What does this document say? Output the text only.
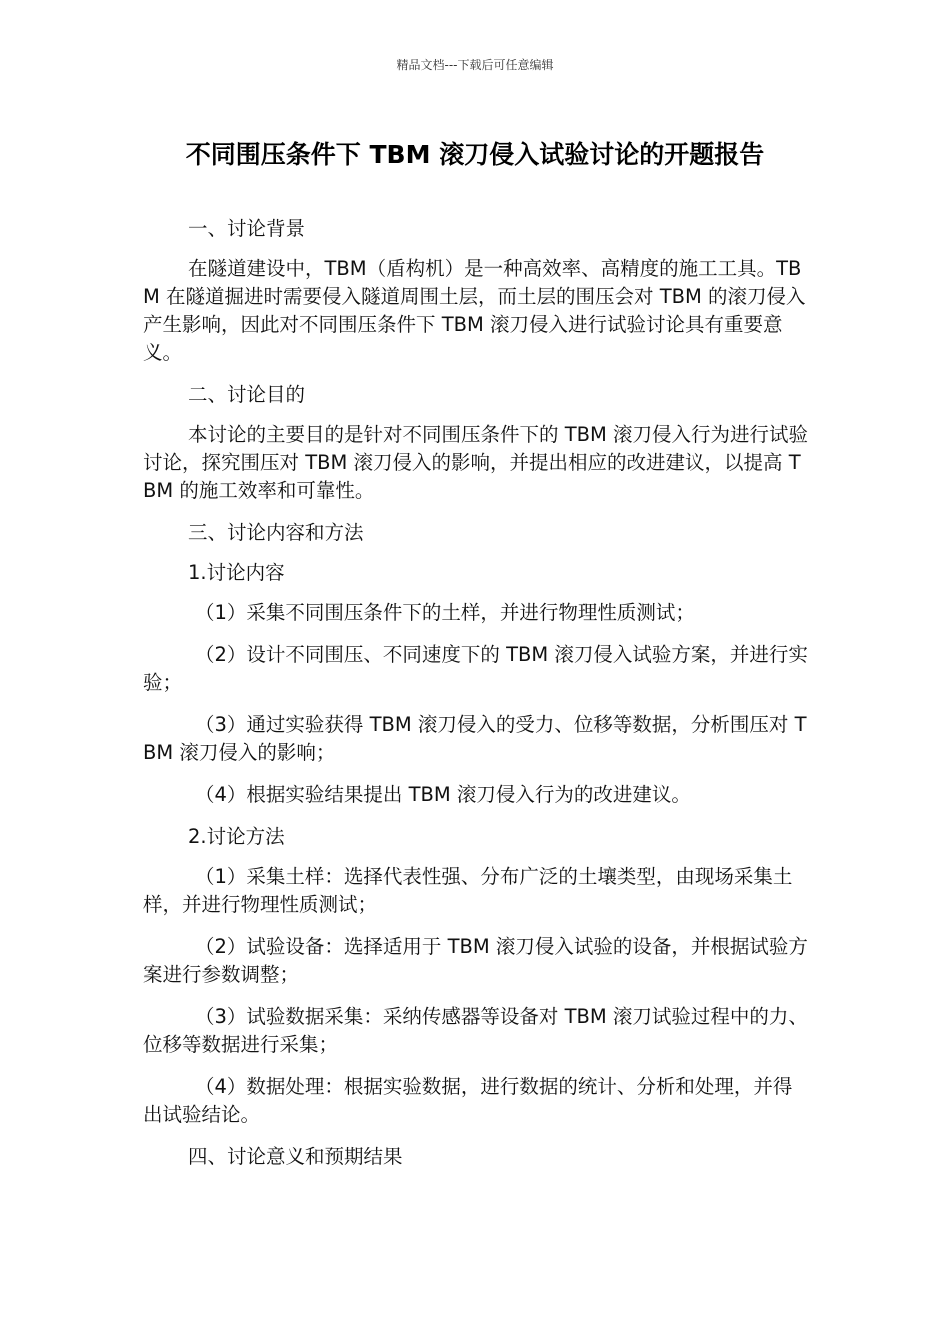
精品文档---下载后可任意编辑
不同围压条件下 TBM 滚刀侵入试验讨论的开题报告

一、讨论背景

在隧道建设中，TBM（盾构机）是一种高效率、高精度的施工工具。TBM 在隧道掘进时需要侵入隧道周围土层，而土层的围压会对 TBM 的滚刀侵入产生影响，因此对不同围压条件下 TBM 滚刀侵入进行试验讨论具有重要意义。

二、讨论目的

本讨论的主要目的是针对不同围压条件下的 TBM 滚刀侵入行为进行试验讨论，探究围压对 TBM 滚刀侵入的影响，并提出相应的改进建议，以提高 TBM 的施工效率和可靠性。

三、讨论内容和方法

1.讨论内容

（1）采集不同围压条件下的土样，并进行物理性质测试；

（2）设计不同围压、不同速度下的 TBM 滚刀侵入试验方案，并进行实验；

（3）通过实验获得 TBM 滚刀侵入的受力、位移等数据，分析围压对 TBM 滚刀侵入的影响；

（4）根据实验结果提出 TBM 滚刀侵入行为的改进建议。

2.讨论方法

（1）采集土样：选择代表性强、分布广泛的土壤类型，由现场采集土样，并进行物理性质测试；

（2）试验设备：选择适用于 TBM 滚刀侵入试验的设备，并根据试验方案进行参数调整；

（3）试验数据采集：采纳传感器等设备对 TBM 滚刀试验过程中的力、位移等数据进行采集；

（4）数据处理：根据实验数据，进行数据的统计、分析和处理，并得出试验结论。

四、讨论意义和预期结果
